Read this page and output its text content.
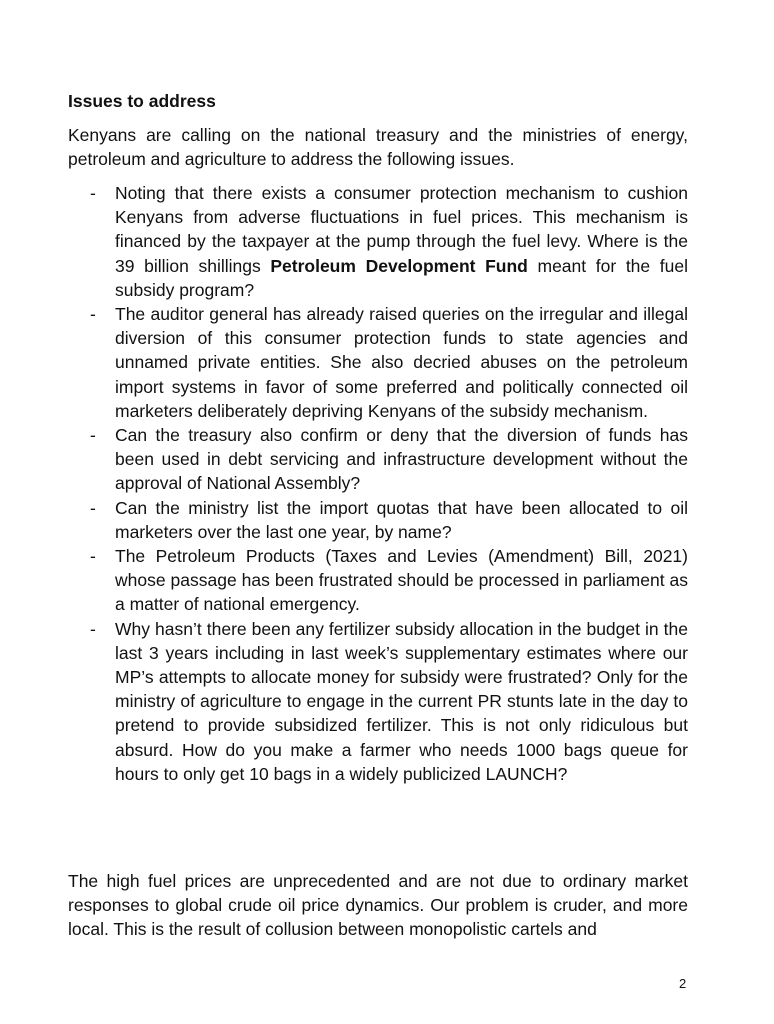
Issues to address
Kenyans are calling on the national treasury and the ministries of energy, petroleum and agriculture to address the following issues.
-	Noting that there exists a consumer protection mechanism to cushion Kenyans from adverse fluctuations in fuel prices. This mechanism is financed by the taxpayer at the pump through the fuel levy. Where is the 39 billion shillings Petroleum Development Fund meant for the fuel subsidy program?
-	The auditor general has already raised queries on the irregular and illegal diversion of this consumer protection funds to state agencies and unnamed private entities. She also decried abuses on the petroleum import systems in favor of some preferred and politically connected oil marketers deliberately depriving Kenyans of the subsidy mechanism.
-	Can the treasury also confirm or deny that the diversion of funds has been used in debt servicing and infrastructure development without the approval of National Assembly?
-	Can the ministry list the import quotas that have been allocated to oil marketers over the last one year, by name?
-	The Petroleum Products (Taxes and Levies (Amendment) Bill, 2021) whose passage has been frustrated should be processed in parliament as a matter of national emergency.
-	Why hasn’t there been any fertilizer subsidy allocation in the budget in the last 3 years including in last week’s supplementary estimates where our MP’s attempts to allocate money for subsidy were frustrated? Only for the ministry of agriculture to engage in the current PR stunts late in the day to pretend to provide subsidized fertilizer. This is not only ridiculous but absurd. How do you make a farmer who needs 1000 bags queue for hours to only get 10 bags in a widely publicized LAUNCH?
The high fuel prices are unprecedented and are not due to ordinary market responses to global crude oil price dynamics. Our problem is cruder, and more local. This is the result of collusion between monopolistic cartels and
2
